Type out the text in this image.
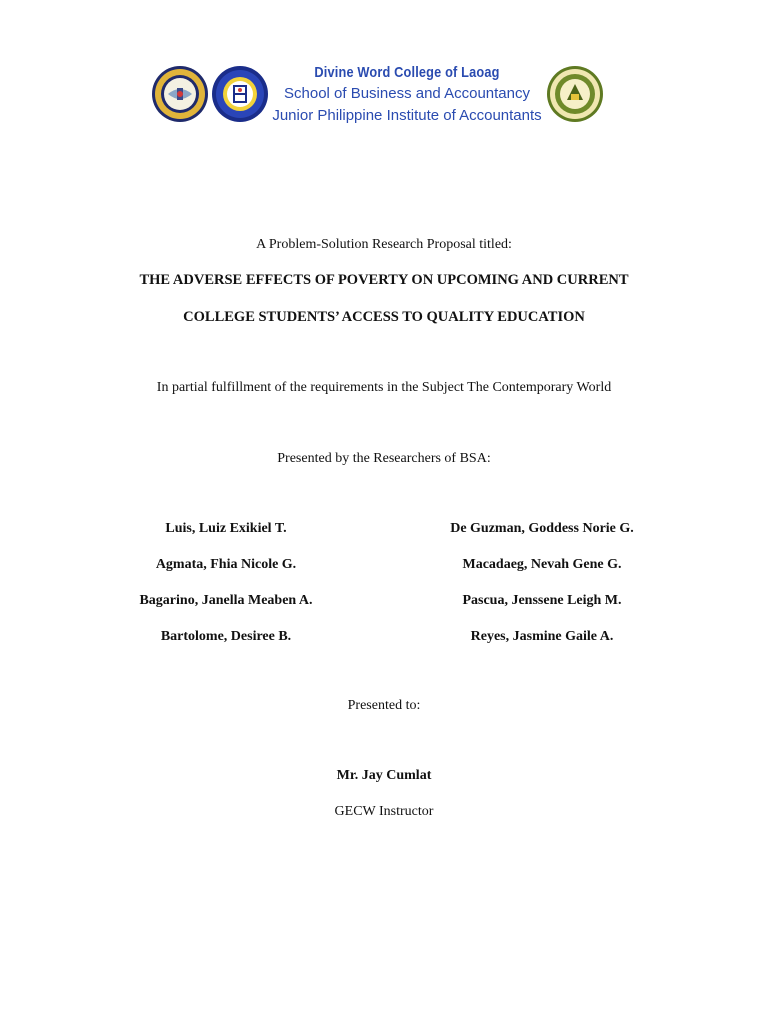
Divine Word College of Laoag
School of Business and Accountancy
Junior Philippine Institute of Accountants
A Problem-Solution Research Proposal titled:
THE ADVERSE EFFECTS OF POVERTY ON UPCOMING AND CURRENT
COLLEGE STUDENTS’ ACCESS TO QUALITY EDUCATION
In partial fulfillment of the requirements in the Subject The Contemporary World
Presented by the Researchers of BSA:
Luis, Luiz Exikiel T.
Agmata, Fhia Nicole G.
Bagarino, Janella Meaben A.
Bartolome, Desiree B.
De Guzman, Goddess Norie G.
Macadaeg, Nevah Gene G.
Pascua, Jenssene Leigh M.
Reyes, Jasmine Gaile A.
Presented to:
Mr. Jay Cumlat
GECW Instructor
